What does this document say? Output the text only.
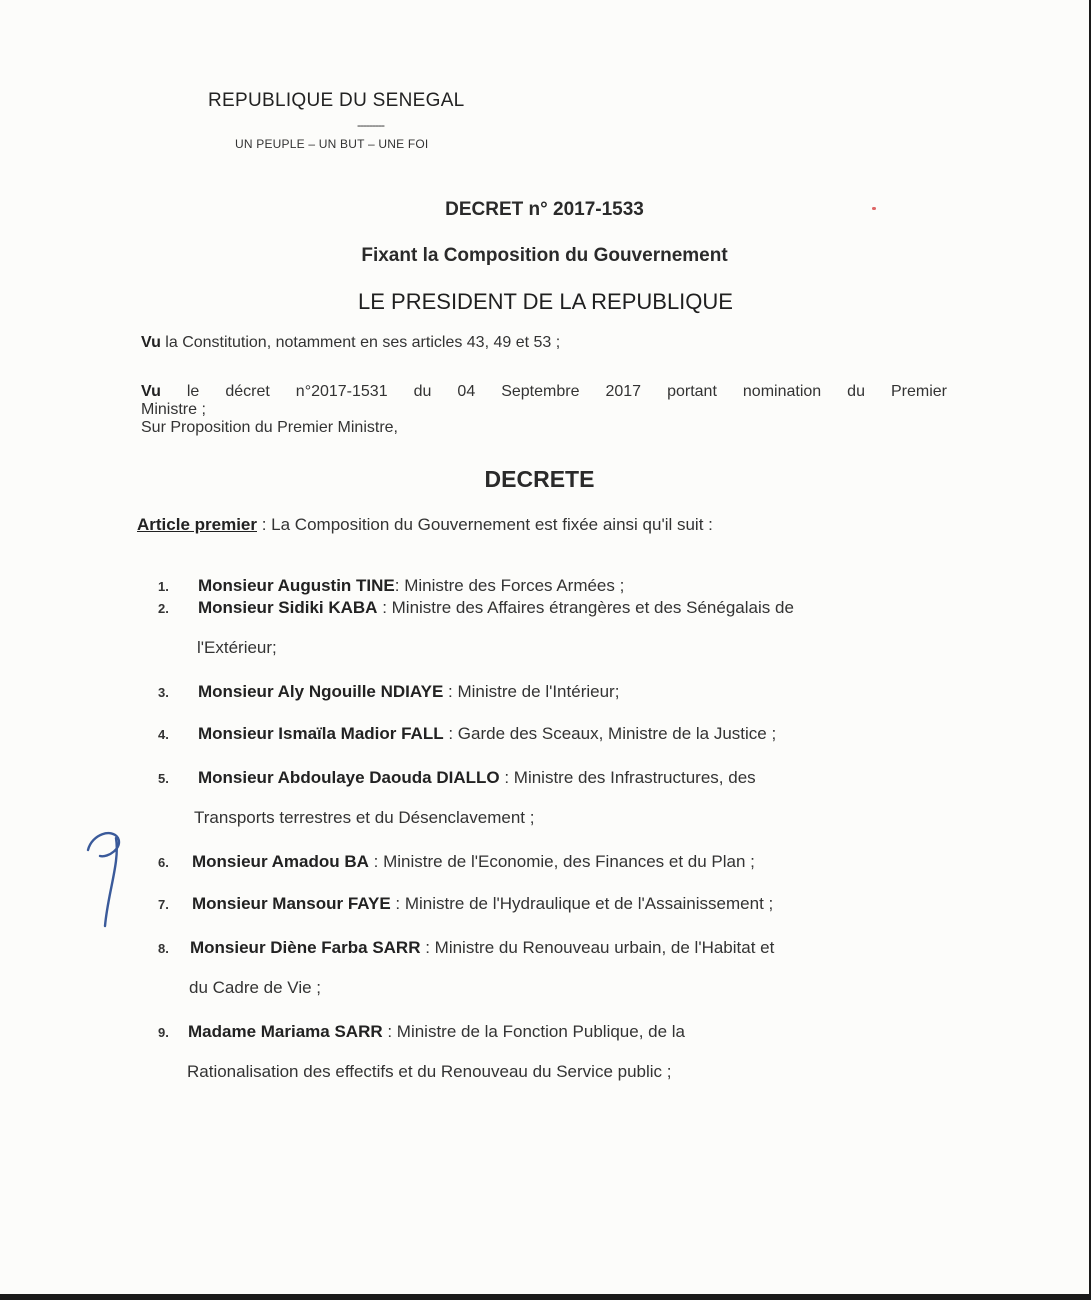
REPUBLIQUE DU SENEGAL
---------
UN PEUPLE – UN BUT – UNE FOI
DECRET n° 2017-1533
Fixant la Composition du Gouvernement
LE PRESIDENT DE LA REPUBLIQUE
Vu la Constitution, notamment en ses articles 43, 49 et 53 ;
Vu le décret n°2017-1531 du 04 Septembre 2017 portant nomination du Premier
Ministre ;
Sur Proposition du Premier Ministre,
DECRETE
Article premier : La Composition du Gouvernement est fixée ainsi qu'il suit :
1. Monsieur Augustin TINE: Ministre des Forces Armées ;
2. Monsieur Sidiki KABA : Ministre des Affaires étrangères et des Sénégalais de
l'Extérieur;
3. Monsieur Aly Ngouille NDIAYE : Ministre de l'Intérieur;
4. Monsieur Ismaïla Madior FALL : Garde des Sceaux, Ministre de la Justice ;
5. Monsieur Abdoulaye Daouda DIALLO : Ministre des Infrastructures, des
Transports terrestres et du Désenclavement ;
6. Monsieur Amadou BA : Ministre de l'Economie, des Finances et du Plan ;
7. Monsieur Mansour FAYE : Ministre de l'Hydraulique et de l'Assainissement ;
8. Monsieur Diène Farba SARR : Ministre du Renouveau urbain, de l'Habitat et
du Cadre de Vie ;
9. Madame Mariama SARR : Ministre de la Fonction Publique, de la
Rationalisation des effectifs et du Renouveau du Service public ;
